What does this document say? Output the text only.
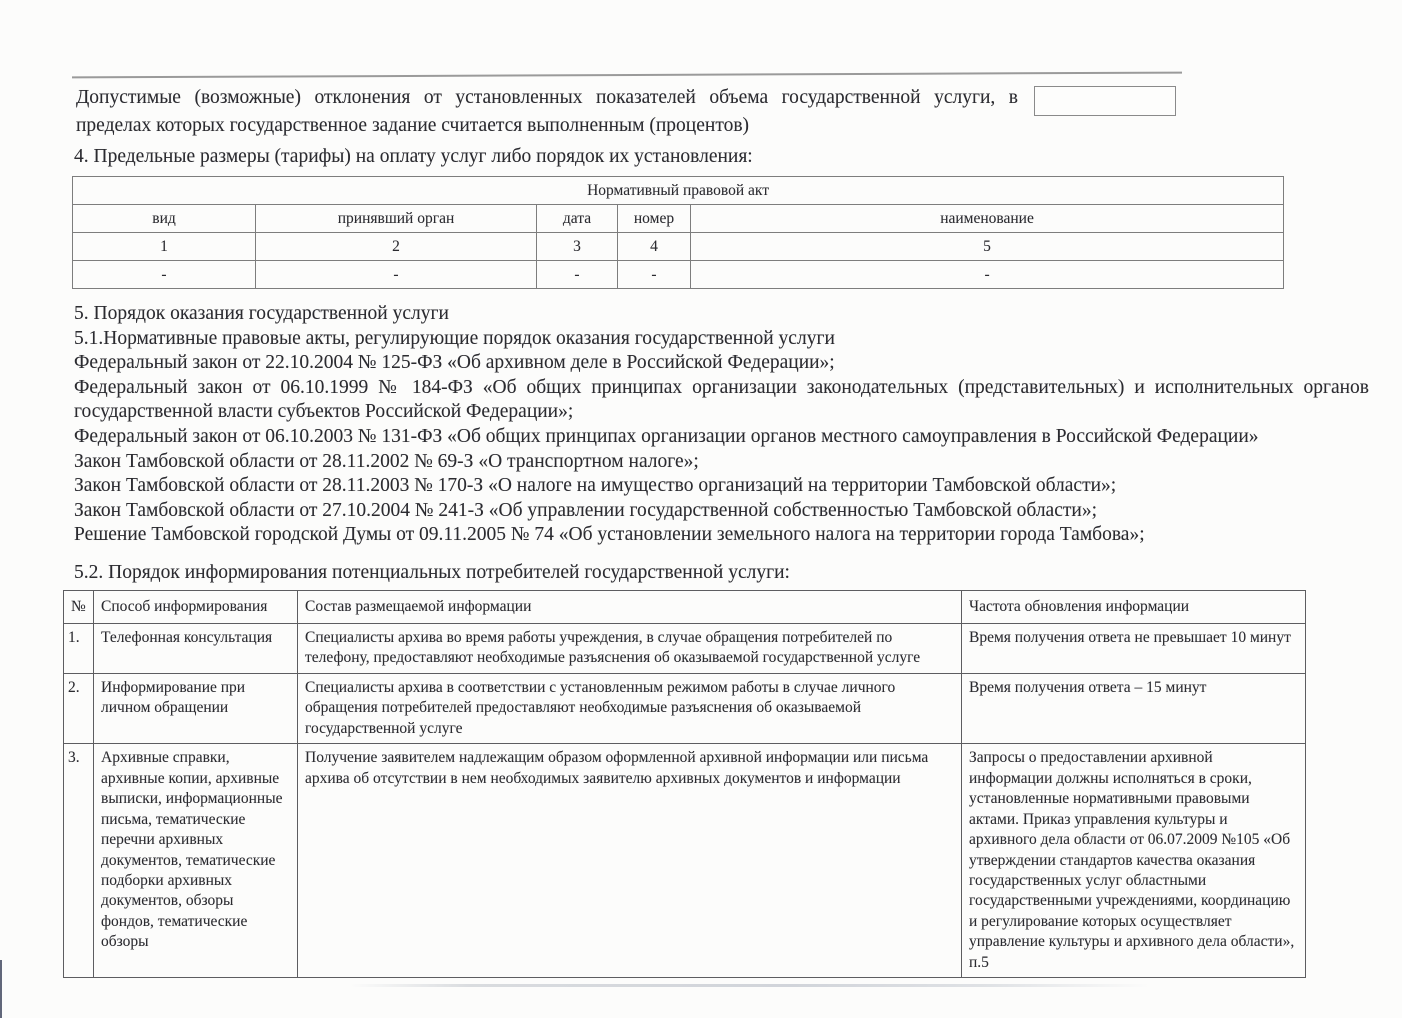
Допустимые (возможные) отклонения от установленных показателей объема государственной услуги, в пределах которых государственное задание считается выполненным (процентов)
4. Предельные размеры (тарифы) на оплату услуг либо порядок их установления:
Нормативный правовой акт				
вид	принявший орган	дата	номер	наименование
1	2	3	4	5
-	-	-	-	-

5. Порядок оказания государственной услуги

5.1.Нормативные правовые акты, регулирующие порядок оказания государственной услуги

Федеральный закон от 22.10.2004 № 125-ФЗ «Об архивном деле в Российской Федерации»;

Федеральный закон от 06.10.1999 № 184-ФЗ «Об общих принципах организации законодательных (представительных) и исполнительных органов государственной власти субъектов Российской Федерации»;

Федеральный закон от 06.10.2003 № 131-ФЗ «Об общих принципах организации органов местного самоуправления в Российской Федерации»

Закон Тамбовской области от 28.11.2002 № 69-З «О транспортном налоге»;

Закон Тамбовской области от 28.11.2003 № 170-З «О налоге на имущество организаций на территории Тамбовской области»;

Закон Тамбовской области от 27.10.2004 № 241-З «Об управлении государственной собственностью Тамбовской области»;

Решение Тамбовской городской Думы от 09.11.2005 № 74 «Об установлении земельного налога на территории города Тамбова»;

5.2. Порядок информирования потенциальных потребителей государственной услуги:
№	Способ информирования	Состав размещаемой информации	Частота обновления информации
1.	Телефонная консультация	Специалисты архива во время работы учреждения, в случае обращения потребителей по телефону, предоставляют необходимые разъяснения об оказываемой государственной услуге	Время получения ответа не превышает 10 минут
2.	Информирование при личном обращении	Специалисты архива в соответствии с установленным режимом работы в случае личного обращения потребителей предоставляют необходимые разъяснения об оказываемой государственной услуге	Время получения ответа – 15 минут
3.	Архивные справки, архивные копии, архивные выписки, информационные письма, тематические перечни архивных документов, тематические подборки архивных документов, обзоры фондов, тематические обзоры	Получение заявителем надлежащим образом оформленной архивной информации или письма архива об отсутствии в нем необходимых заявителю архивных документов и информации	Запросы о предоставлении архивной информации должны исполняться в сроки, установленные нормативными правовыми актами. Приказ управления культуры и архивного дела области от 06.07.2009 №105 «Об утверждении стандартов качества оказания государственных услуг областными государственными учреждениями, координацию и регулирование которых осуществляет управление культуры и архивного дела области», п.5
